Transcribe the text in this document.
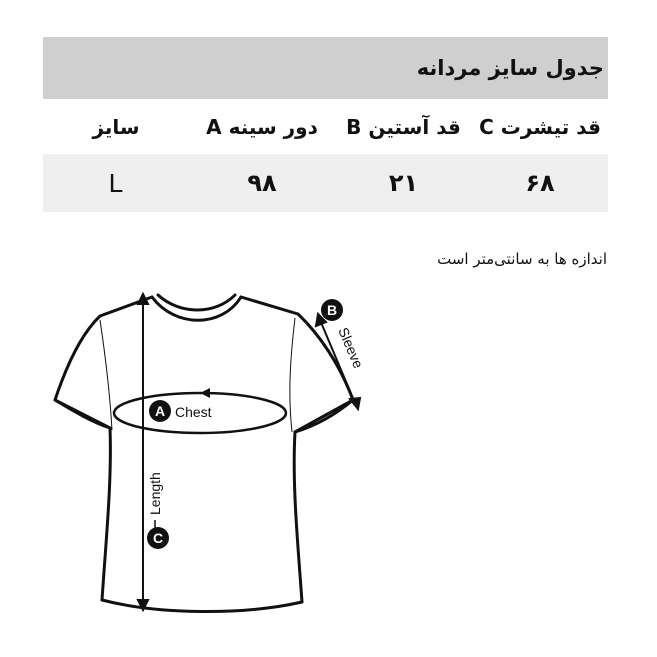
جدول سایز مردانه
C قد تیشرت
B قد آستین
A دور سینه
سایز
۶۸
۲۱
۹۸
L
اندازه ها به سانتی‌متر است
Length
C
A Chest
B
Sleeve
